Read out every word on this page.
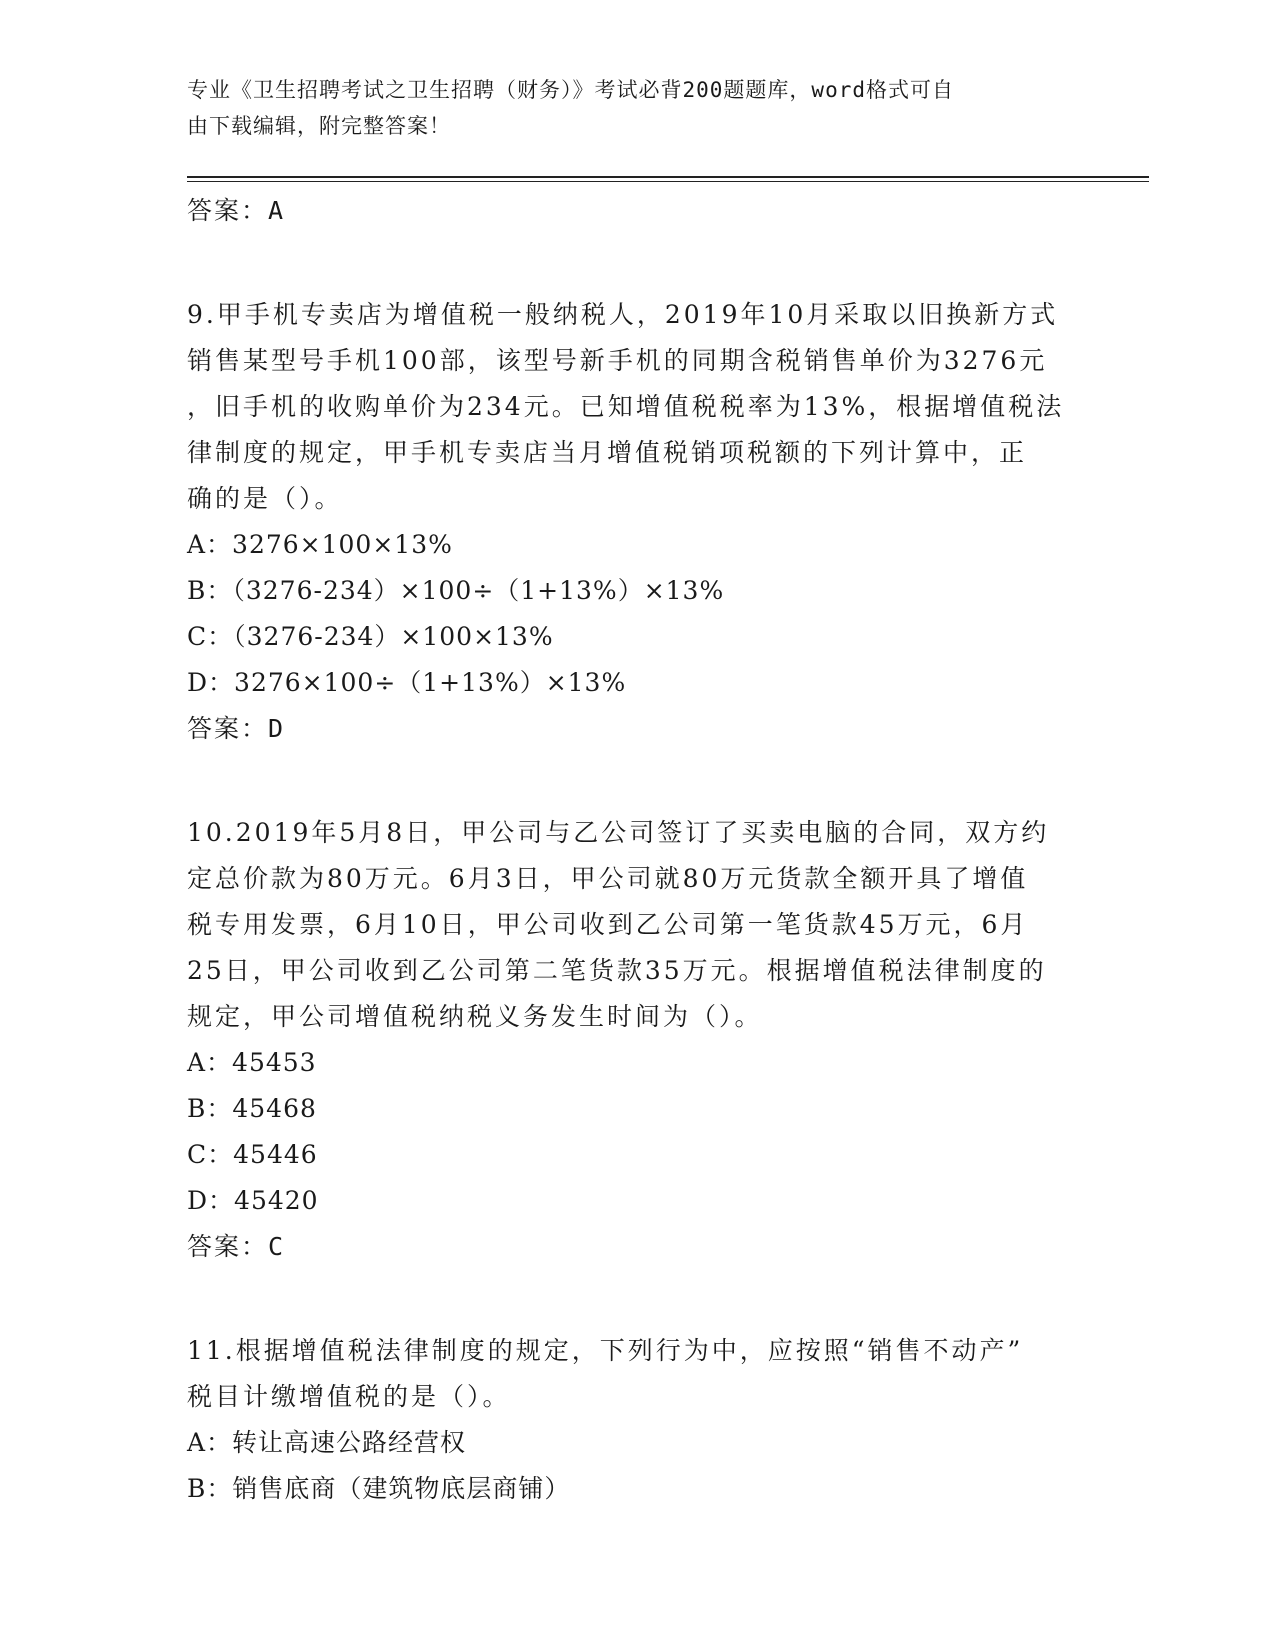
专业《卫生招聘考试之卫生招聘（财务）》考试必背200题题库，word格式可自
由下载编辑，附完整答案！
答案：A
9.甲手机专卖店为增值税一般纳税人，2019年10月采取以旧换新方式
销售某型号手机100部，该型号新手机的同期含税销售单价为3276元
，旧手机的收购单价为234元。已知增值税税率为13%，根据增值税法
律制度的规定，甲手机专卖店当月增值税销项税额的下列计算中，正
确的是（）。
A：3276×100×13%
B：（3276-234）×100÷（1+13%）×13%
C：（3276-234）×100×13%
D：3276×100÷（1+13%）×13%
答案：D
10.2019年5月8日，甲公司与乙公司签订了买卖电脑的合同，双方约
定总价款为80万元。6月3日，甲公司就80万元货款全额开具了增值
税专用发票，6月10日，甲公司收到乙公司第一笔货款45万元，6月
25日，甲公司收到乙公司第二笔货款35万元。根据增值税法律制度的
规定，甲公司增值税纳税义务发生时间为（）。
A：45453
B：45468
C：45446
D：45420
答案：C
11.根据增值税法律制度的规定，下列行为中，应按照“销售不动产”
税目计缴增值税的是（）。
A：转让高速公路经营权
B：销售底商（建筑物底层商铺）
